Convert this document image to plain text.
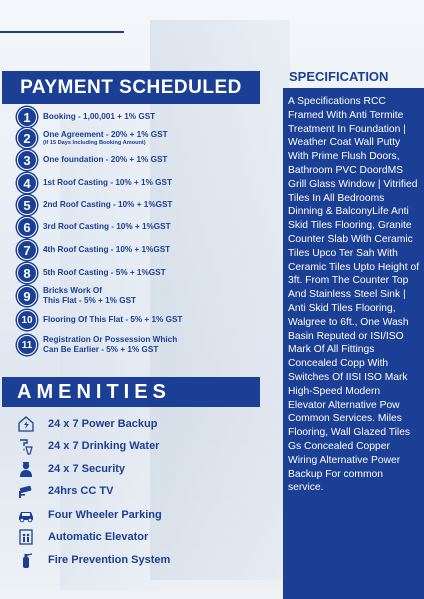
PAYMENT SCHEDULED
1	Booking - 1,00,001 + 1% GST
2	One Agreement - 20% + 1% GST
(If 15 Days Including Booking Amount)
3	One foundation - 20% + 1% GST
4	1st Roof Casting - 10% + 1% GST
5	2nd Roof Casting - 10% + 1%GST
6	3rd Roof Casting - 10% + 1%GST
7	4th Roof Casting - 10% + 1%GST
8	5th Roof Casting - 5% + 1%GST
9	Bricks Work Of
This Flat - 5% + 1% GST
10	Flooring Of This Flat - 5% + 1% GST
11	Registration Or Possession Which
Can Be Earlier - 5% + 1% GST
AMENITIES
24 x 7 Power Backup
24 x 7 Drinking Water
24 x 7 Security
24hrs CC TV
Four Wheeler Parking
Automatic Elevator
Fire Prevention System
SPECIFICATION
A Specifications RCC Framed With Anti Termite Treatment In Foundation | Weather Coat Wall Putty With Prime Flush Doors, Bathroom PVC DoordMS Grill Glass Window | Vitrified Tiles In All Bedrooms Dinning & BalconyLife Anti Skid Tiles Flooring, Granite Counter Slab With Ceramic Tiles Upco Ter Sah With Ceramic Tiles Upto Height of 3ft. From The Counter Top And Stainless Steel Sink | Anti Skid Tiles Flooring, Walgree to 6ft., One Wash Basin Reputed or ISI/ISO Mark Of All Fittings Concealed Copp With Switches Of IISI ISO Mark High-Speed Modern Elevator Alternative Pow Common Services. Miles Flooring, Wall Glazed Tiles Gs Concealed Copper Wiring Alternative Power Backup For common service.
